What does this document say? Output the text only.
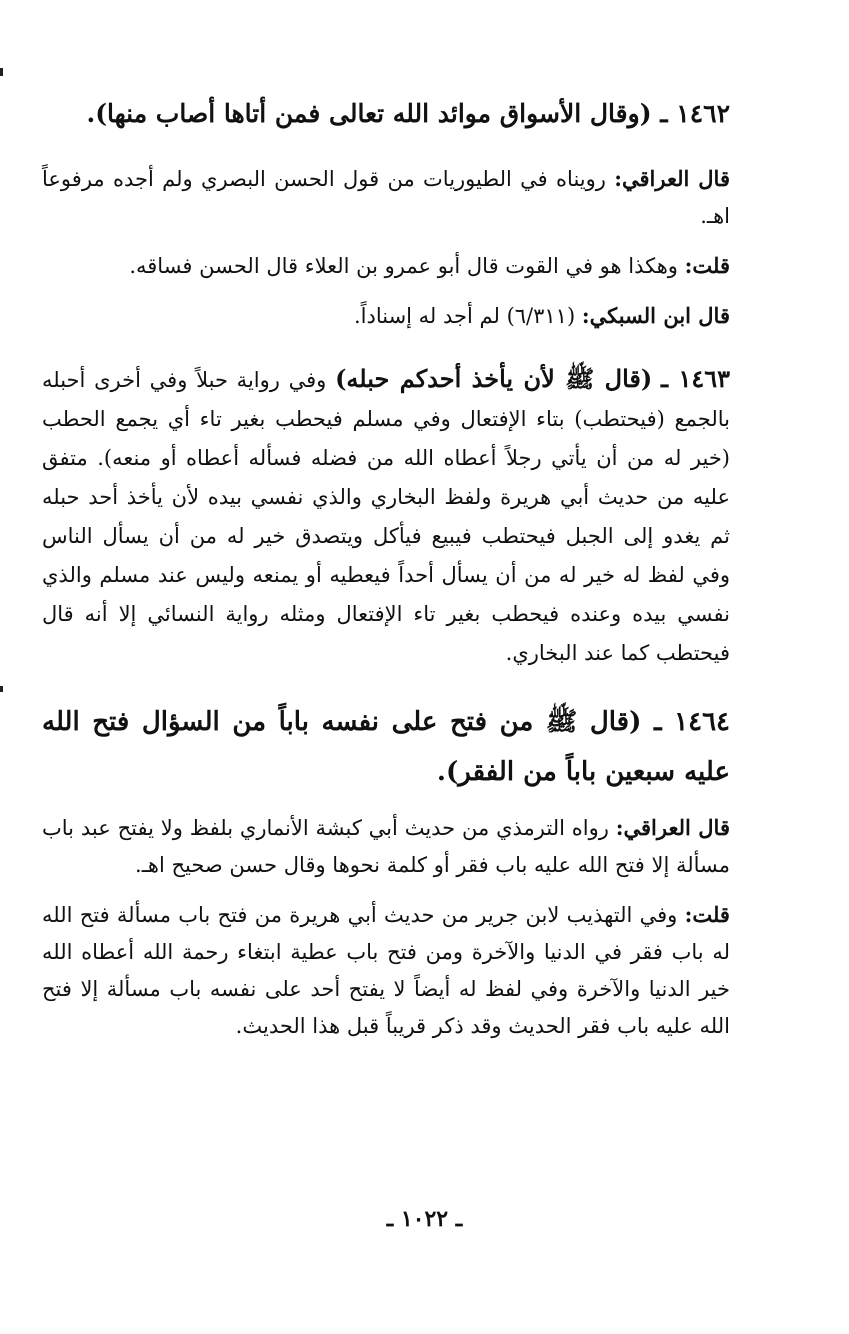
١٤٦٢ ـ (وقال الأسواق موائد الله تعالى فمن أتاها أصاب منها).

قال العراقي: رويناه في الطيوريات من قول الحسن البصري ولم أجده مرفوعاً اهـ.

قلت: وهكذا هو في القوت قال أبو عمرو بن العلاء قال الحسن فساقه.

قال ابن السبكي: (٦/٣١١) لم أجد له إسناداً.

١٤٦٣ ـ (قال ﷺ لأن يأخذ أحدكم حبله) وفي رواية حبلاً وفي أخرى أحبله بالجمع (فيحتطب) بتاء الإفتعال وفي مسلم فيحطب بغير تاء أي يجمع الحطب (خير له من أن يأتي رجلاً أعطاه الله من فضله فسأله أعطاه أو منعه). متفق عليه من حديث أبي هريرة ولفظ البخاري والذي نفسي بيده لأن يأخذ أحد حبله ثم يغدو إلى الجبل فيحتطب فيبيع فيأكل ويتصدق خير له من أن يسأل الناس وفي لفظ له خير له من أن يسأل أحداً فيعطيه أو يمنعه وليس عند مسلم والذي نفسي بيده وعنده فيحطب بغير تاء الإفتعال ومثله رواية النسائي إلا أنه قال فيحتطب كما عند البخاري.

١٤٦٤ ـ (قال ﷺ من فتح على نفسه باباً من السؤال فتح الله عليه سبعين باباً من الفقر).

قال العراقي: رواه الترمذي من حديث أبي كبشة الأنماري بلفظ ولا يفتح عبد باب مسألة إلا فتح الله عليه باب فقر أو كلمة نحوها وقال حسن صحيح اهـ.

قلت: وفي التهذيب لابن جرير من حديث أبي هريرة من فتح باب مسألة فتح الله له باب فقر في الدنيا والآخرة ومن فتح باب عطية ابتغاء رحمة الله أعطاه الله خير الدنيا والآخرة وفي لفظ له أيضاً لا يفتح أحد على نفسه باب مسألة إلا فتح الله عليه باب فقر الحديث وقد ذكر قريباً قبل هذا الحديث.

ـ ١٠٢٢ ـ
